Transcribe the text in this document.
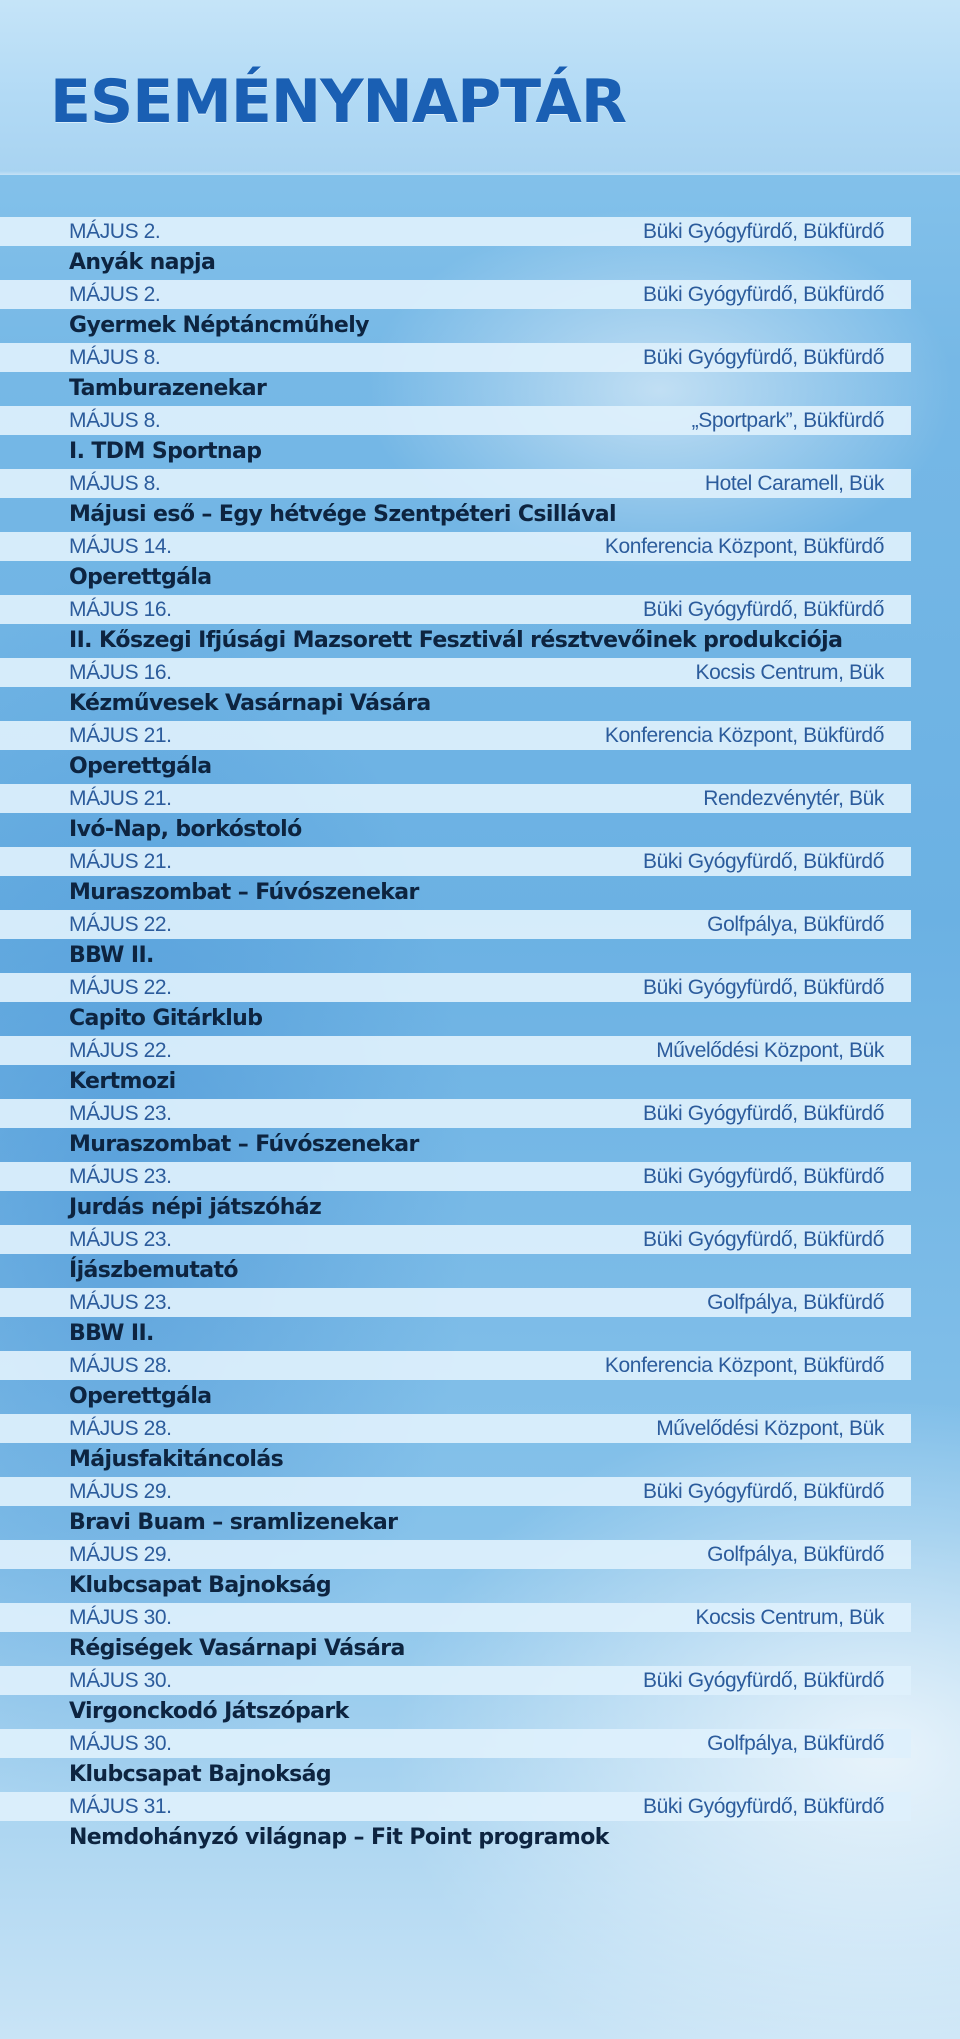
ESEMÉNYNAPTÁR
MÁJUS 2.	Büki Gyógyfürdő, Bükfürdő
Anyák napja
MÁJUS 2.	Büki Gyógyfürdő, Bükfürdő
Gyermek Néptáncműhely
MÁJUS 8.	Büki Gyógyfürdő, Bükfürdő
Tamburazenekar
MÁJUS 8.	„Sportpark”, Bükfürdő
I. TDM Sportnap
MÁJUS 8.	Hotel Caramell, Bük
Májusi eső – Egy hétvége Szentpéteri Csillával
MÁJUS 14.	Konferencia Központ, Bükfürdő
Operettgála
MÁJUS 16.	Büki Gyógyfürdő, Bükfürdő
II. Kőszegi Ifjúsági Mazsorett Fesztivál résztvevőinek produkciója
MÁJUS 16.	Kocsis Centrum, Bük
Kézművesek Vasárnapi Vására
MÁJUS 21.	Konferencia Központ, Bükfürdő
Operettgála
MÁJUS 21.	Rendezvénytér, Bük
Ivó-Nap, borkóstoló
MÁJUS 21.	Büki Gyógyfürdő, Bükfürdő
Muraszombat – Fúvószenekar
MÁJUS 22.	Golfpálya, Bükfürdő
BBW II.
MÁJUS 22.	Büki Gyógyfürdő, Bükfürdő
Capito Gitárklub
MÁJUS 22.	Művelődési Központ, Bük
Kertmozi
MÁJUS 23.	Büki Gyógyfürdő, Bükfürdő
Muraszombat – Fúvószenekar
MÁJUS 23.	Büki Gyógyfürdő, Bükfürdő
Jurdás népi játszóház
MÁJUS 23.	Büki Gyógyfürdő, Bükfürdő
Íjászbemutató
MÁJUS 23.	Golfpálya, Bükfürdő
BBW II.
MÁJUS 28.	Konferencia Központ, Bükfürdő
Operettgála
MÁJUS 28.	Művelődési Központ, Bük
Májusfakitáncolás
MÁJUS 29.	Büki Gyógyfürdő, Bükfürdő
Bravi Buam – sramlizenekar
MÁJUS 29.	Golfpálya, Bükfürdő
Klubcsapat Bajnokság
MÁJUS 30.	Kocsis Centrum, Bük
Régiségek Vasárnapi Vására
MÁJUS 30.	Büki Gyógyfürdő, Bükfürdő
Virgonckodó Játszópark
MÁJUS 30.	Golfpálya, Bükfürdő
Klubcsapat Bajnokság
MÁJUS 31.	Büki Gyógyfürdő, Bükfürdő
Nemdohányzó világnap – Fit Point programok
